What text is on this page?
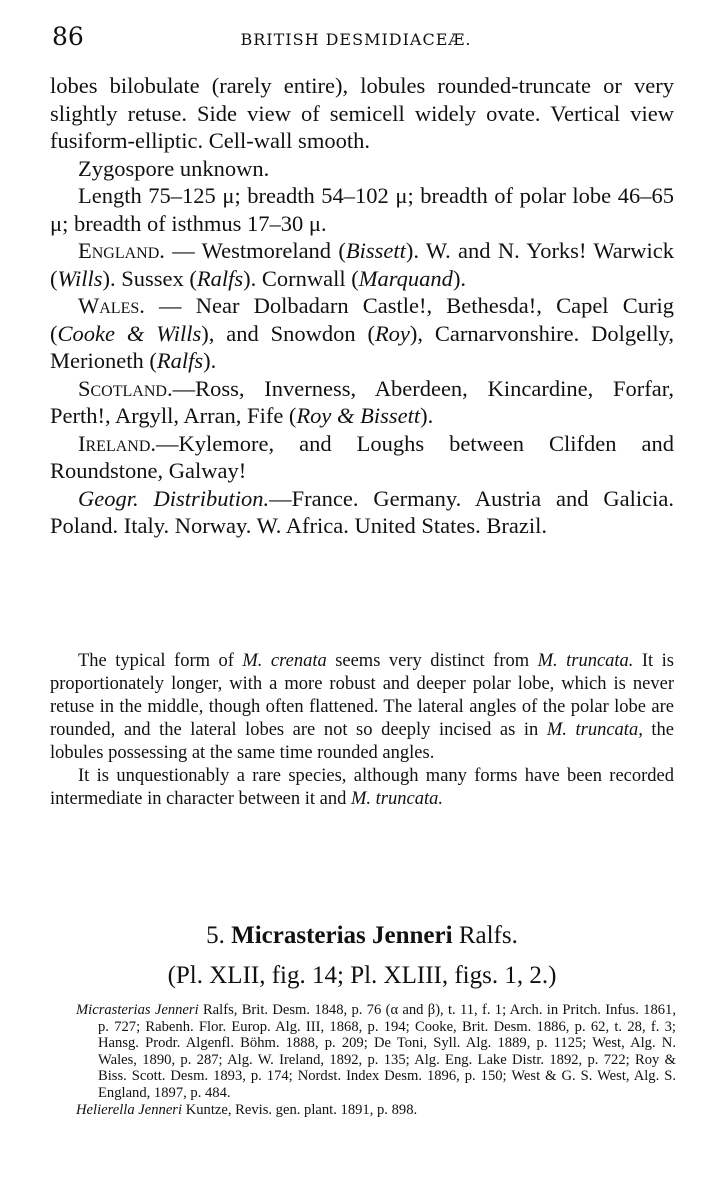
86	BRITISH DESMIDIACEÆ.

lobes bilobulate (rarely entire), lobules rounded-truncate or very slightly retuse. Side view of semicell widely ovate. Vertical view fusiform-elliptic. Cell-wall smooth.

Zygospore unknown.

Length 75–125 μ; breadth 54–102 μ; breadth of polar lobe 46–65 μ; breadth of isthmus 17–30 μ.

England. — Westmoreland (Bissett). W. and N. Yorks! Warwick (Wills). Sussex (Ralfs). Cornwall (Marquand).

Wales. — Near Dolbadarn Castle!, Bethesda!, Capel Curig (Cooke & Wills), and Snowdon (Roy), Carnarvonshire. Dolgelly, Merioneth (Ralfs).

Scotland.—Ross, Inverness, Aberdeen, Kincardine, Forfar, Perth!, Argyll, Arran, Fife (Roy & Bissett).

Ireland.—Kylemore, and Loughs between Clifden and Roundstone, Galway!

Geogr. Distribution.—France. Germany. Austria and Galicia. Poland. Italy. Norway. W. Africa. United States. Brazil.

The typical form of M. crenata seems very distinct from M. truncata. It is proportionately longer, with a more robust and deeper polar lobe, which is never retuse in the middle, though often flattened. The lateral angles of the polar lobe are rounded, and the lateral lobes are not so deeply incised as in M. truncata, the lobules possessing at the same time rounded angles.

It is unquestionably a rare species, although many forms have been recorded intermediate in character between it and M. truncata.

5. Micrasterias Jenneri Ralfs.
(Pl. XLII, fig. 14; Pl. XLIII, figs. 1, 2.)

Micrasterias Jenneri Ralfs, Brit. Desm. 1848, p. 76 (α and β), t. 11, f. 1; Arch. in Pritch. Infus. 1861, p. 727; Rabenh. Flor. Europ. Alg. III, 1868, p. 194; Cooke, Brit. Desm. 1886, p. 62, t. 28, f. 3; Hansg. Prodr. Algenfl. Böhm. 1888, p. 209; De Toni, Syll. Alg. 1889, p. 1125; West, Alg. N. Wales, 1890, p. 287; Alg. W. Ireland, 1892, p. 135; Alg. Eng. Lake Distr. 1892, p. 722; Roy & Biss. Scott. Desm. 1893, p. 174; Nordst. Index Desm. 1896, p. 150; West & G. S. West, Alg. S. England, 1897, p. 484.

Helierella Jenneri Kuntze, Revis. gen. plant. 1891, p. 898.
